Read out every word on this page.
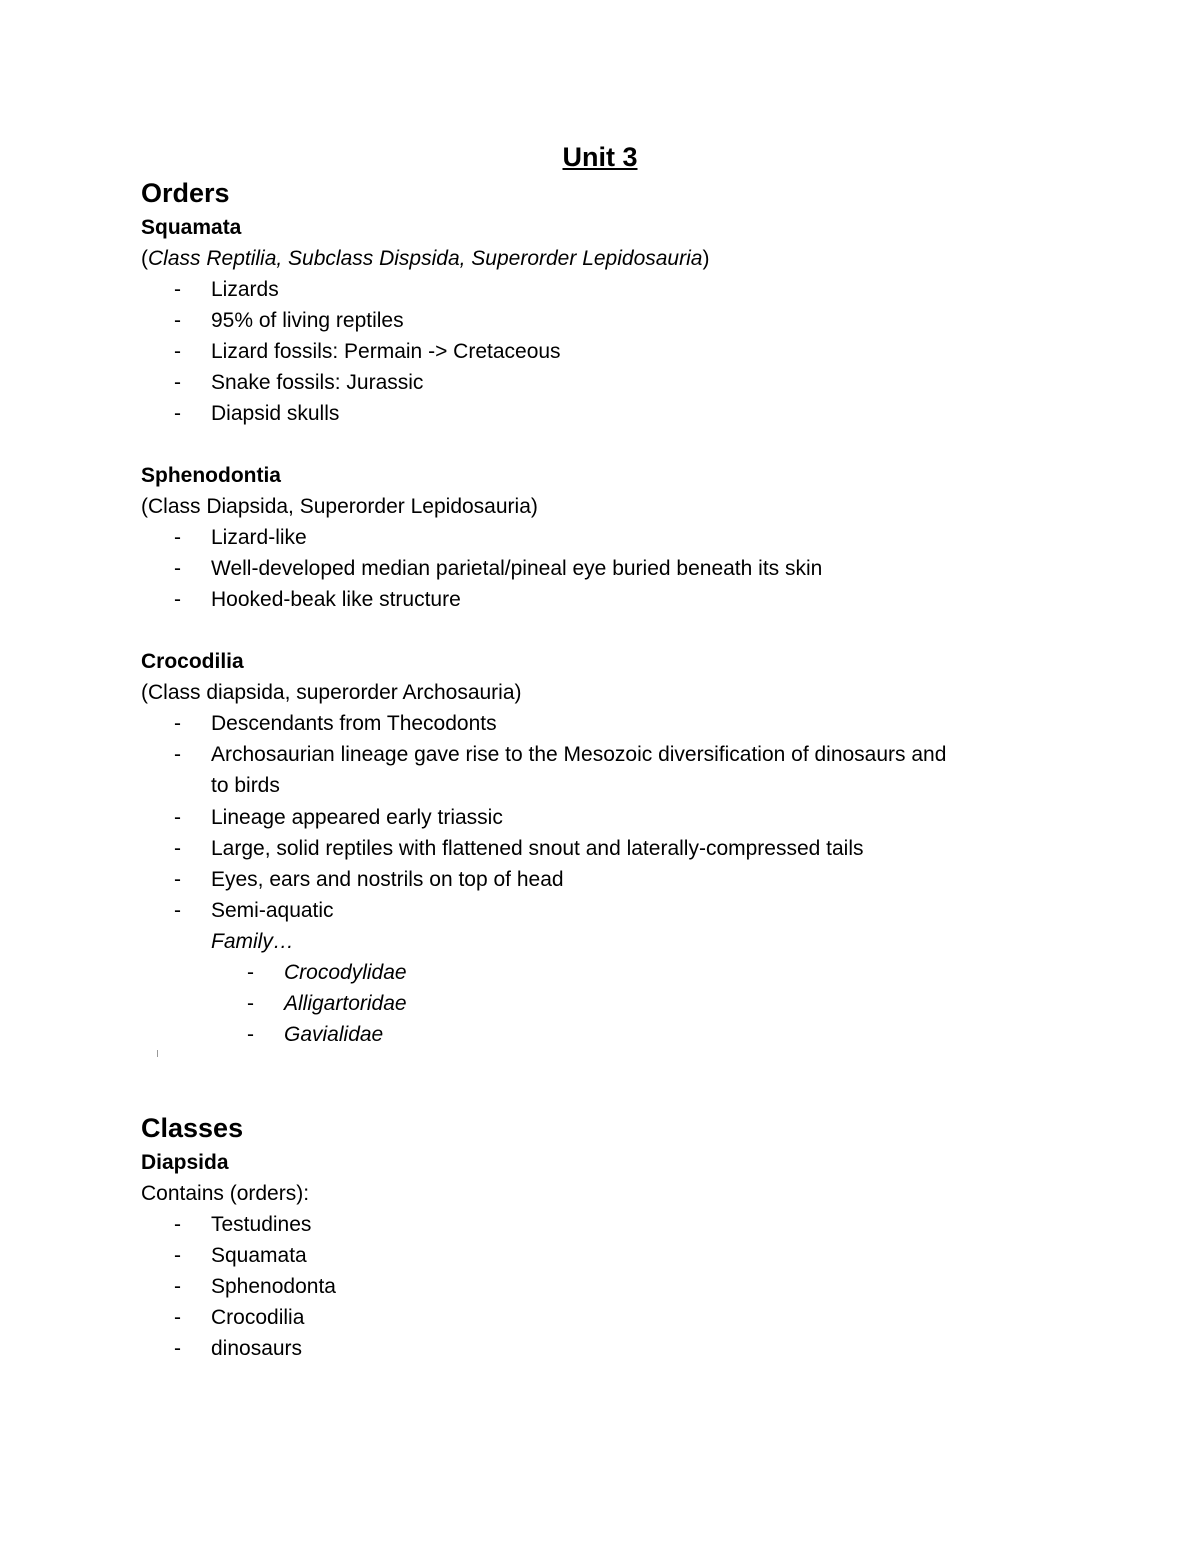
Unit 3
Orders
Squamata
(Class Reptilia, Subclass Dispsida, Superorder Lepidosauria)
- Lizards
- 95% of living reptiles
- Lizard fossils: Permain -> Cretaceous
- Snake fossils: Jurassic
- Diapsid skulls
Sphenodontia
(Class Diapsida, Superorder Lepidosauria)
- Lizard-like
- Well-developed median parietal/pineal eye buried beneath its skin
- Hooked-beak like structure
Crocodilia
(Class diapsida, superorder Archosauria)
- Descendants from Thecodonts
- Archosaurian lineage gave rise to the Mesozoic diversification of dinosaurs and
to birds
- Lineage appeared early triassic
- Large, solid reptiles with flattened snout and laterally-compressed tails
- Eyes, ears and nostrils on top of head
- Semi-aquatic
Family…
- Crocodylidae
- Alligartoridae
- Gavialidae
Classes
Diapsida
Contains (orders):
- Testudines
- Squamata
- Sphenodonta
- Crocodilia
- dinosaurs
